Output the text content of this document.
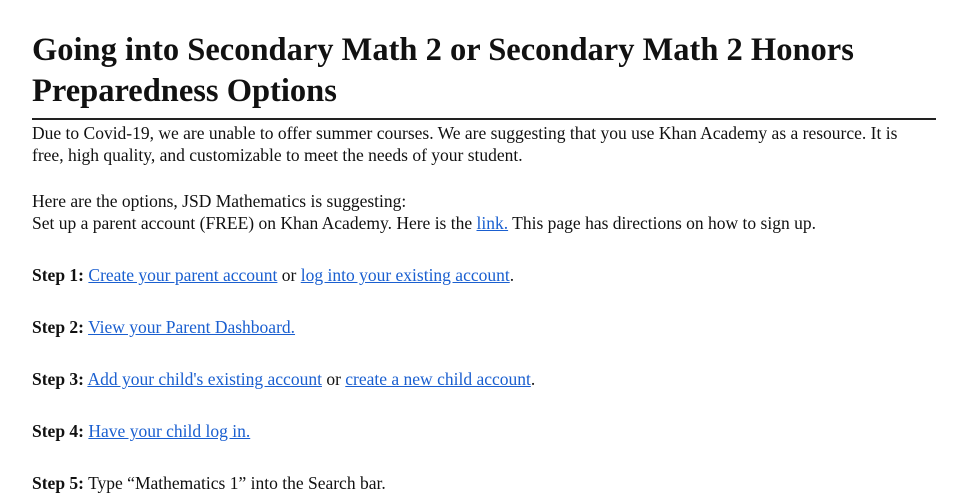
Going into Secondary Math 2 or Secondary Math 2 Honors Preparedness Options

Due to Covid-19, we are unable to offer summer courses. We are suggesting that you use Khan Academy as a resource. It is free, high quality, and customizable to meet the needs of your student.

Here are the options, JSD Mathematics is suggesting:
Set up a parent account (FREE) on Khan Academy. Here is the link. This page has directions on how to sign up.

Step 1: Create your parent account or log into your existing account.

Step 2: View your Parent Dashboard.

Step 3: Add your child's existing account or create a new child account.

Step 4: Have your child log in.

Step 5: Type “Mathematics 1” into the Search bar.
